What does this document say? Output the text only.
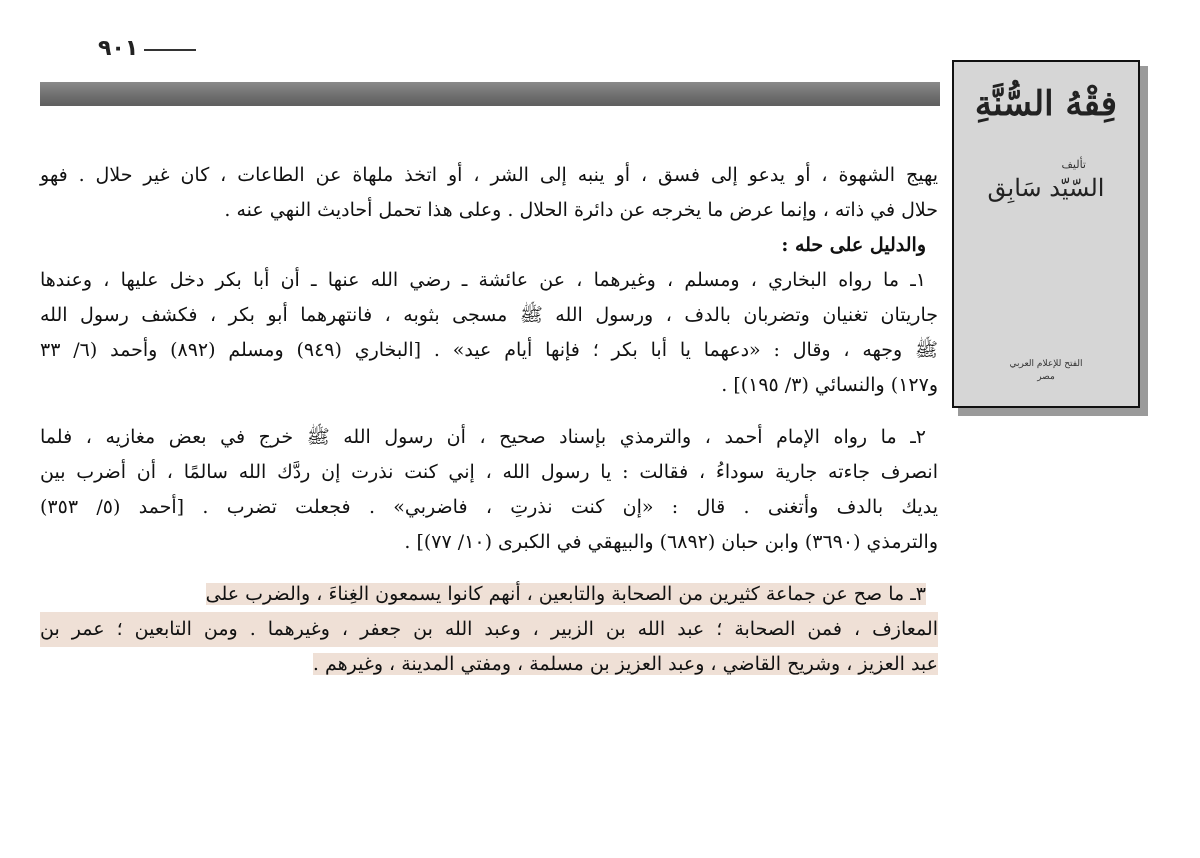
٩٠١
فِقْهُ السُّنَّةِ
تأليف
السّيّد سَابِق
الفتح للإعلام العربي
مصر
يهيج الشهوة ، أو يدعو إلى فسق ، أو ينبه إلى الشر ، أو اتخذ ملهاة عن الطاعات ، كان غير حلال . فهو
حلال في ذاته ، وإنما عرض ما يخرجه عن دائرة الحلال . وعلى هذا تحمل أحاديث النهي عنه .
والدليل على حله :
١ـ ما رواه البخاري ، ومسلم ، وغيرهما ، عن عائشة ـ رضي الله عنها ـ أن أبا بكر دخل عليها ، وعندها
جاريتان تغنيان وتضربان بالدف ، ورسول الله ﷺ مسجى بثوبه ، فانتهرهما أبو بكر ، فكشف رسول الله
ﷺ وجهه ، وقال : «دعهما يا أبا بكر ؛ فإنها أيام عيد» . [البخاري (٩٤٩) ومسلم (٨٩٢) وأحمد (٦/ ٣٣
و١٢٧) والنسائي (٣/ ١٩٥)] .
٢ـ ما رواه الإمام أحمد ، والترمذي بإسناد صحيح ، أن رسول الله ﷺ خرج في بعض مغازيه ، فلما
انصرف جاءته جارية سوداءُ ، فقالت : يا رسول الله ، إني كنت نذرت إن ردَّك الله سالمًا ، أن أضرب بين
يديك بالدف وأتغنى . قال : «إن كنت نذرتِ ، فاضربي» . فجعلت تضرب . [أحمد (٥/ ٣٥٣)
والترمذي (٣٦٩٠) وابن حبان (٦٨٩٢) والبيهقي في الكبرى (١٠/ ٧٧)] .
٣ـ ما صح عن جماعة كثيرين من الصحابة والتابعين ، أنهم كانوا يسمعون الغِناءَ ، والضرب على
المعازف ، فمن الصحابة ؛ عبد الله بن الزبير ، وعبد الله بن جعفر ، وغيرهما . ومن التابعين ؛ عمر بن
عبد العزيز ، وشريح القاضي ، وعبد العزيز بن مسلمة ، ومفتي المدينة ، وغيرهم .
